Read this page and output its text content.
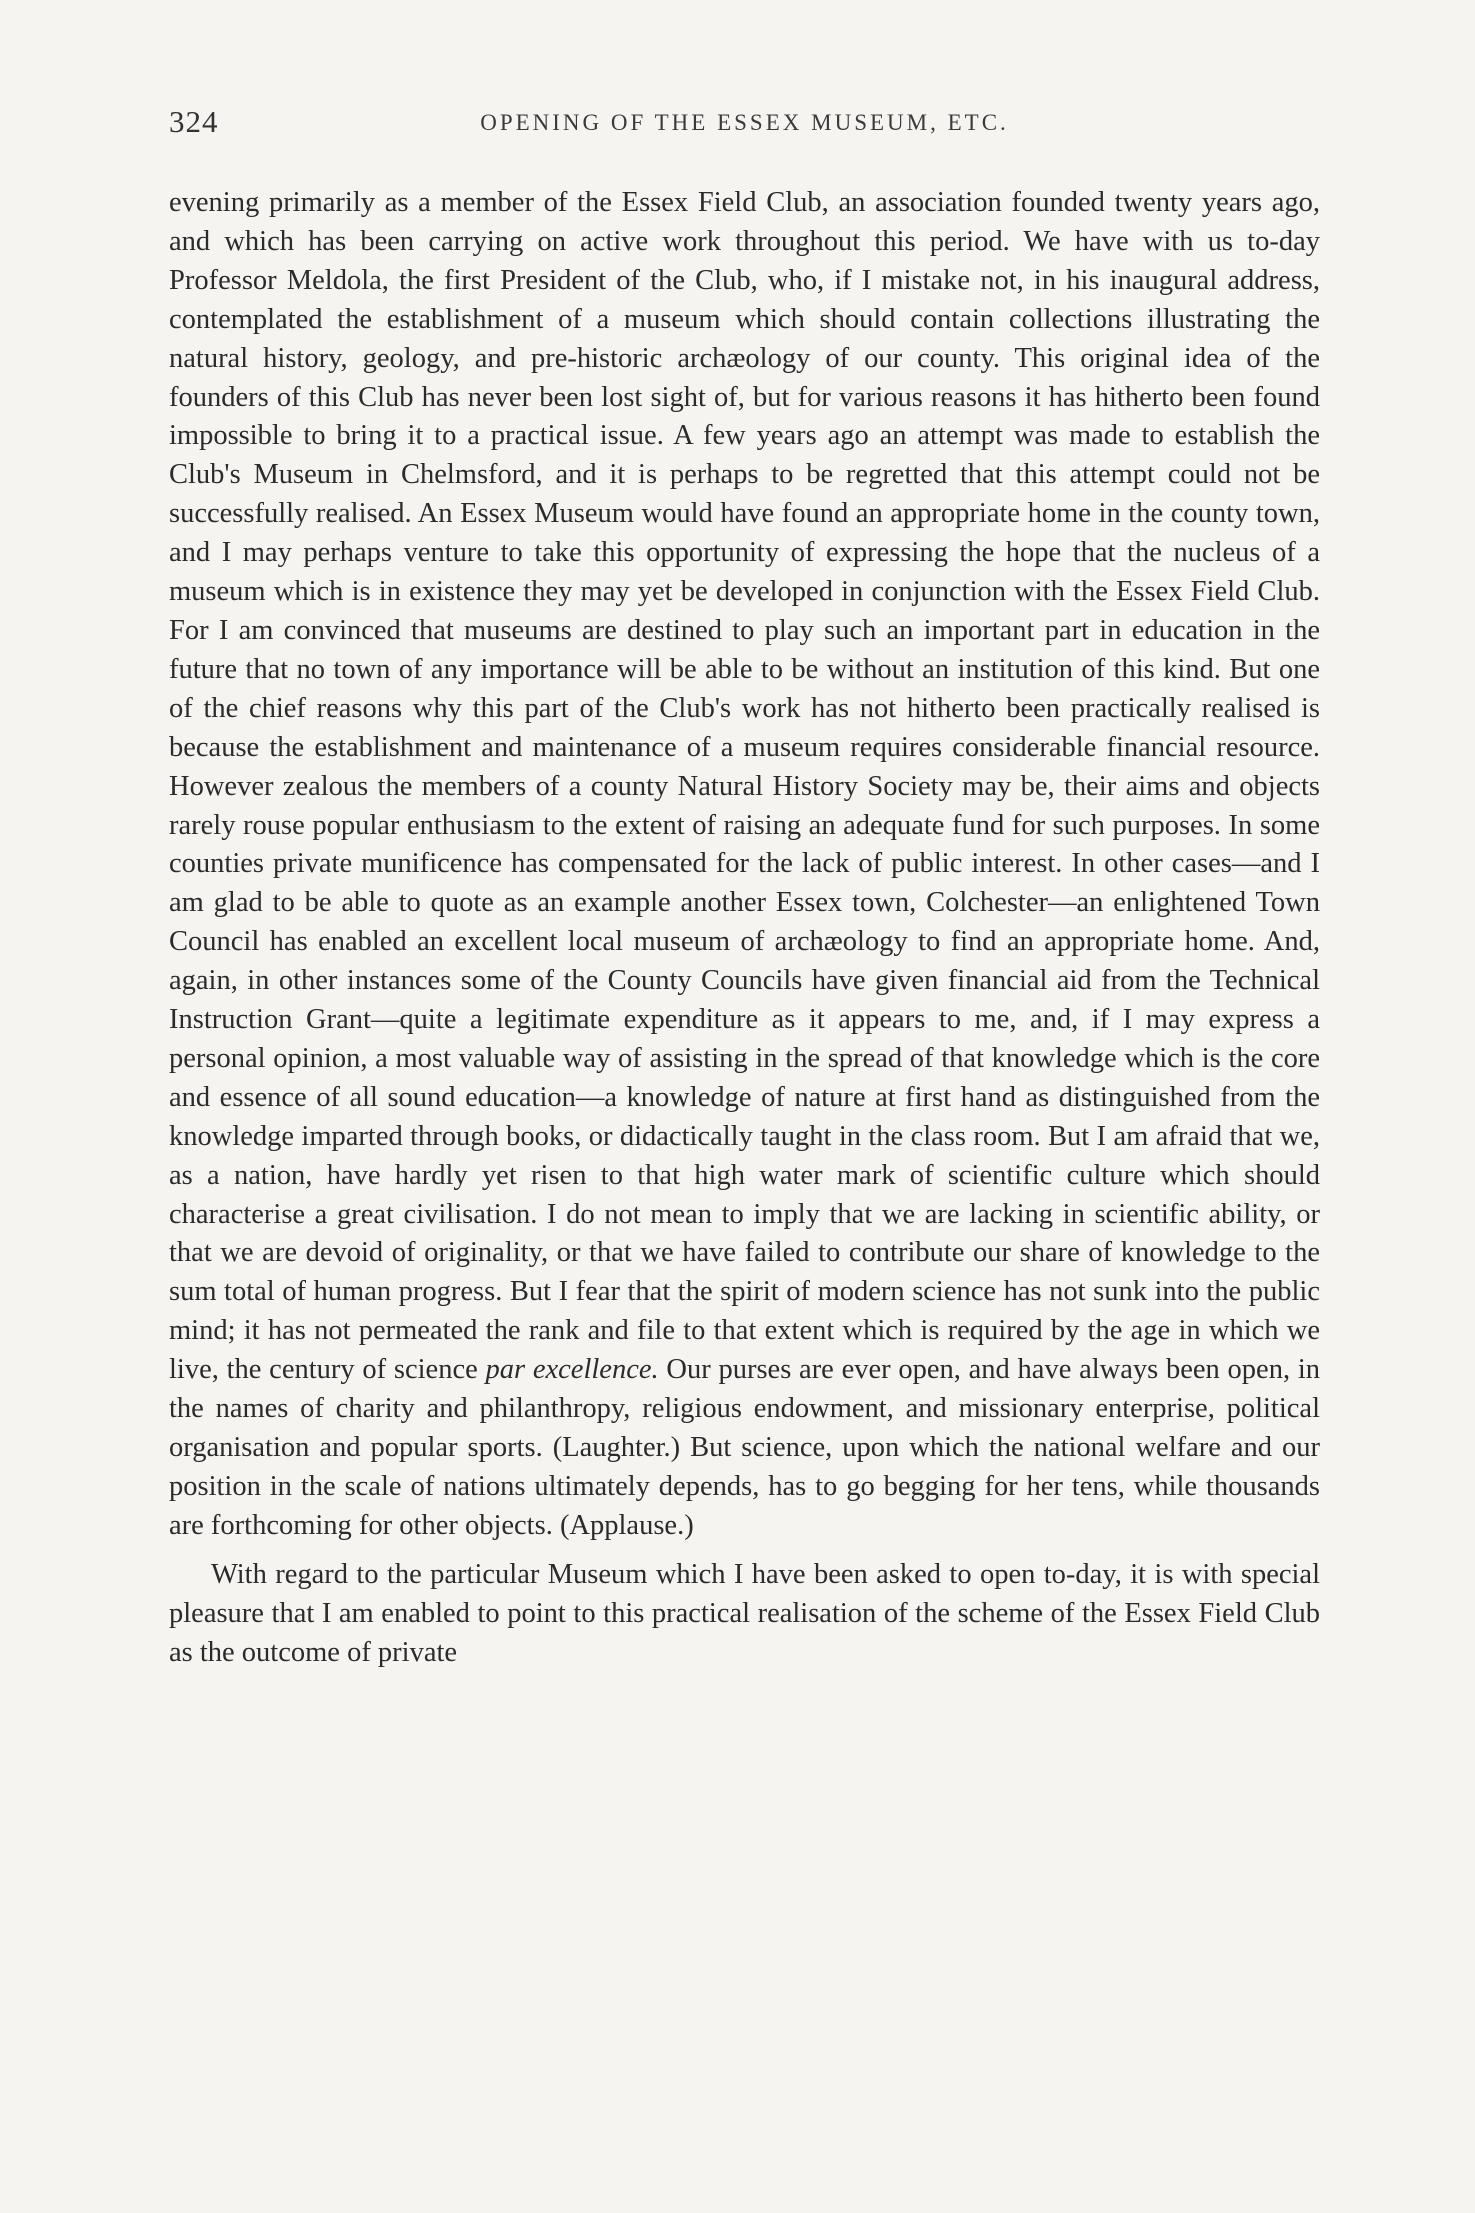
324	OPENING OF THE ESSEX MUSEUM, ETC.

evening primarily as a member of the Essex Field Club, an association founded twenty years ago, and which has been carrying on active work throughout this period. We have with us to-day Professor Meldola, the first President of the Club, who, if I mistake not, in his inaugural address, contemplated the establishment of a museum which should contain collections illustrating the natural history, geology, and pre-historic archæology of our county. This original idea of the founders of this Club has never been lost sight of, but for various reasons it has hitherto been found impossible to bring it to a practical issue. A few years ago an attempt was made to establish the Club's Museum in Chelmsford, and it is perhaps to be regretted that this attempt could not be successfully realised. An Essex Museum would have found an appropriate home in the county town, and I may perhaps venture to take this opportunity of expressing the hope that the nucleus of a museum which is in existence they may yet be developed in conjunction with the Essex Field Club. For I am convinced that museums are destined to play such an important part in education in the future that no town of any importance will be able to be without an institution of this kind. But one of the chief reasons why this part of the Club's work has not hitherto been practically realised is because the establishment and maintenance of a museum requires considerable financial resource. However zealous the members of a county Natural History Society may be, their aims and objects rarely rouse popular enthusiasm to the extent of raising an adequate fund for such purposes. In some counties private munificence has compensated for the lack of public interest. In other cases—and I am glad to be able to quote as an example another Essex town, Colchester—an enlightened Town Council has enabled an excellent local museum of archæology to find an appropriate home. And, again, in other instances some of the County Councils have given financial aid from the Technical Instruction Grant—quite a legitimate expenditure as it appears to me, and, if I may express a personal opinion, a most valuable way of assisting in the spread of that knowledge which is the core and essence of all sound education—a knowledge of nature at first hand as distinguished from the knowledge imparted through books, or didactically taught in the class room. But I am afraid that we, as a nation, have hardly yet risen to that high water mark of scientific culture which should characterise a great civilisation. I do not mean to imply that we are lacking in scientific ability, or that we are devoid of originality, or that we have failed to contribute our share of knowledge to the sum total of human progress. But I fear that the spirit of modern science has not sunk into the public mind; it has not permeated the rank and file to that extent which is required by the age in which we live, the century of science par excellence. Our purses are ever open, and have always been open, in the names of charity and philanthropy, religious endowment, and missionary enterprise, political organisation and popular sports. (Laughter.) But science, upon which the national welfare and our position in the scale of nations ultimately depends, has to go begging for her tens, while thousands are forthcoming for other objects. (Applause.)

With regard to the particular Museum which I have been asked to open to-day, it is with special pleasure that I am enabled to point to this practical realisation of the scheme of the Essex Field Club as the outcome of private
